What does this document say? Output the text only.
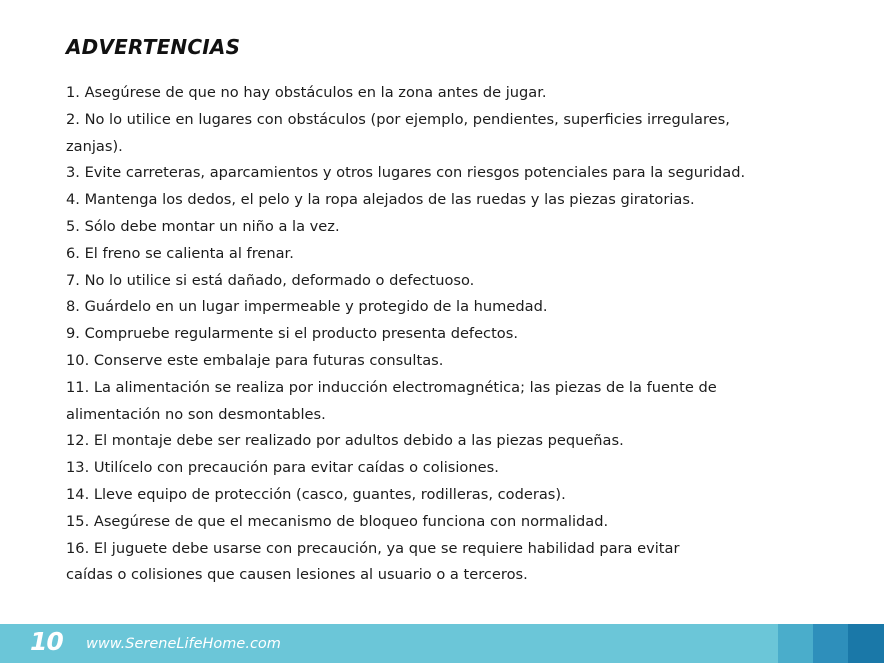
ADVERTENCIAS
1. Asegúrese de que no hay obstáculos en la zona antes de jugar.
2. No lo utilice en lugares con obstáculos (por ejemplo, pendientes, superficies irregulares,
zanjas).
3. Evite carreteras, aparcamientos y otros lugares con riesgos potenciales para la seguridad.
4. Mantenga los dedos, el pelo y la ropa alejados de las ruedas y las piezas giratorias.
5. Sólo debe montar un niño a la vez.
6. El freno se calienta al frenar.
7. No lo utilice si está dañado, deformado o defectuoso.
8. Guárdelo en un lugar impermeable y protegido de la humedad.
9. Compruebe regularmente si el producto presenta defectos.
10. Conserve este embalaje para futuras consultas.
11. La alimentación se realiza por inducción electromagnética; las piezas de la fuente de
alimentación no son desmontables.
12. El montaje debe ser realizado por adultos debido a las piezas pequeñas.
13. Utilícelo con precaución para evitar caídas o colisiones.
14. Lleve equipo de protección (casco, guantes, rodilleras, coderas).
15. Asegúrese de que el mecanismo de bloqueo funciona con normalidad.
16. El juguete debe usarse con precaución, ya que se requiere habilidad para evitar
caídas o colisiones que causen lesiones al usuario o a terceros.
10 www.SereneLifeHome.com
